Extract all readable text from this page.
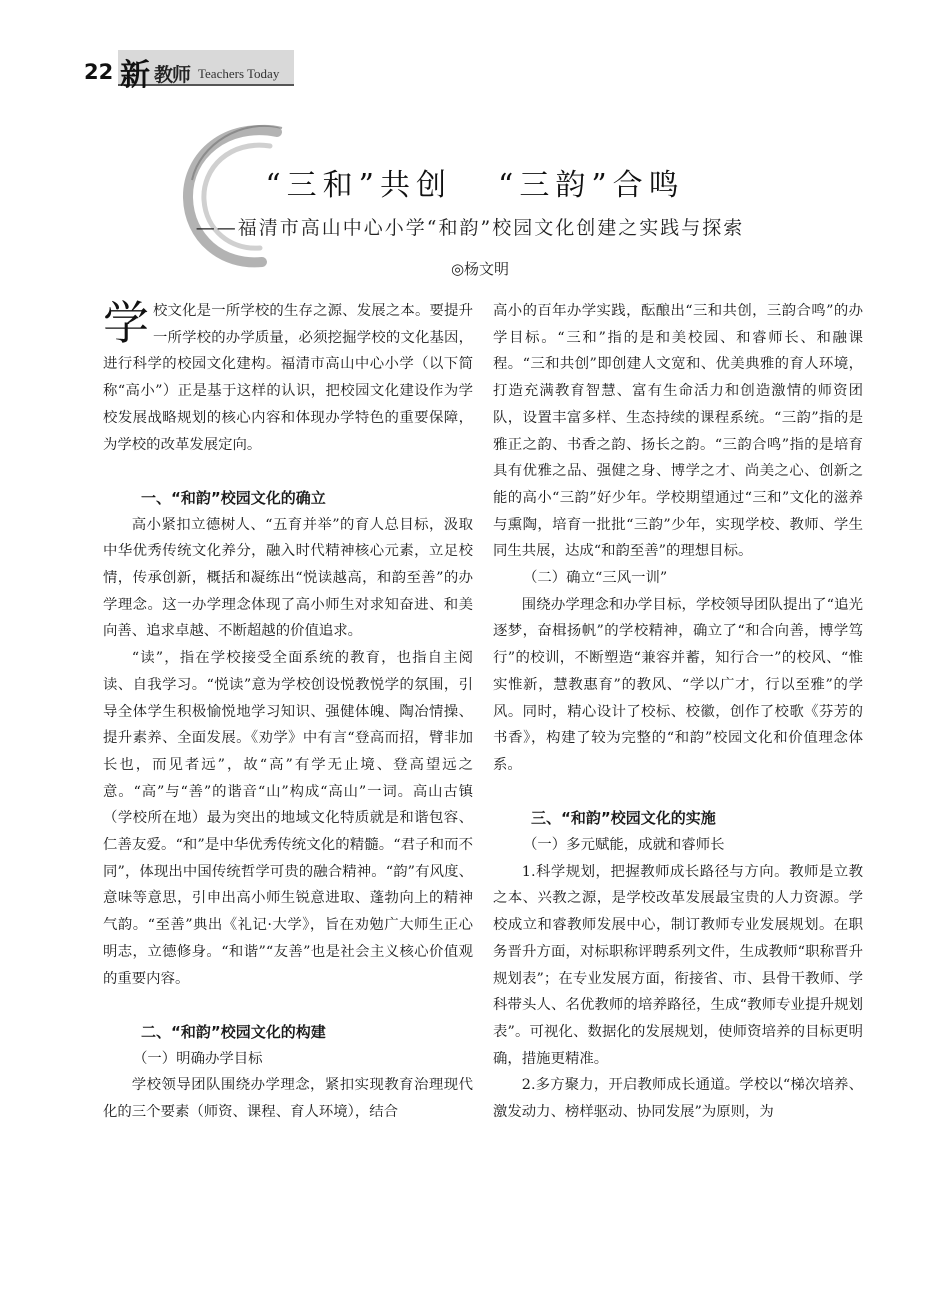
22 新 教师 Teachers Today
“三和”共创 “三韵”合鸣
——福清市高山中心小学“和韵”校园文化创建之实践与探索
◎杨文明

学校文化是一所学校的生存之源、发展之本。要提升一所学校的办学质量，必须挖掘学校的文化基因，进行科学的校园文化建构。福清市高山中心小学（以下简称“高小”）正是基于这样的认识，把校园文化建设作为学校发展战略规划的核心内容和体现办学特色的重要保障，为学校的改革发展定向。

一、“和韵”校园文化的确立

高小紧扣立德树人、“五育并举”的育人总目标，汲取中华优秀传统文化养分，融入时代精神核心元素，立足校情，传承创新，概括和凝练出“悦读越高，和韵至善”的办学理念。这一办学理念体现了高小师生对求知奋进、和美向善、追求卓越、不断超越的价值追求。

“读”，指在学校接受全面系统的教育，也指自主阅读、自我学习。“悦读”意为学校创设悦教悦学的氛围，引导全体学生积极愉悦地学习知识、强健体魄、陶冶情操、提升素养、全面发展。《劝学》中有言“登高而招，臂非加长也，而见者远”，故“高”有学无止境、登高望远之意。“高”与“善”的谐音“山”构成“高山”一词。高山古镇（学校所在地）最为突出的地域文化特质就是和谐包容、仁善友爱。“和”是中华优秀传统文化的精髓。“君子和而不同”，体现出中国传统哲学可贵的融合精神。“韵”有风度、意味等意思，引申出高小师生锐意进取、蓬勃向上的精神气韵。“至善”典出《礼记·大学》，旨在劝勉广大师生正心明志，立德修身。“和谐”“友善”也是社会主义核心价值观的重要内容。

二、“和韵”校园文化的构建
（一）明确办学目标

学校领导团队围绕办学理念，紧扣实现教育治理现代化的三个要素（师资、课程、育人环境），结合

高小的百年办学实践，酝酿出“三和共创，三韵合鸣”的办学目标。“三和”指的是和美校园、和睿师长、和融课程。“三和共创”即创建人文宽和、优美典雅的育人环境，打造充满教育智慧、富有生命活力和创造激情的师资团队，设置丰富多样、生态持续的课程系统。“三韵”指的是雅正之韵、书香之韵、扬长之韵。“三韵合鸣”指的是培育具有优雅之品、强健之身、博学之才、尚美之心、创新之能的高小“三韵”好少年。学校期望通过“三和”文化的滋养与熏陶，培育一批批“三韵”少年，实现学校、教师、学生同生共展，达成“和韵至善”的理想目标。

（二）确立“三风一训”

围绕办学理念和办学目标，学校领导团队提出了“追光逐梦，奋楫扬帆”的学校精神，确立了“和合向善，博学笃行”的校训，不断塑造“兼容并蓄，知行合一”的校风、“惟实惟新，慧教惠育”的教风、“学以广才，行以至雅”的学风。同时，精心设计了校标、校徽，创作了校歌《芬芳的书香》，构建了较为完整的“和韵”校园文化和价值理念体系。

三、“和韵”校园文化的实施
（一）多元赋能，成就和睿师长

1.科学规划，把握教师成长路径与方向。教师是立教之本、兴教之源，是学校改革发展最宝贵的人力资源。学校成立和睿教师发展中心，制订教师专业发展规划。在职务晋升方面，对标职称评聘系列文件，生成教师“职称晋升规划表”；在专业发展方面，衔接省、市、县骨干教师、学科带头人、名优教师的培养路径，生成“教师专业提升规划表”。可视化、数据化的发展规划，使师资培养的目标更明确，措施更精准。

2.多方聚力，开启教师成长通道。学校以“梯次培养、激发动力、榜样驱动、协同发展”为原则，为
